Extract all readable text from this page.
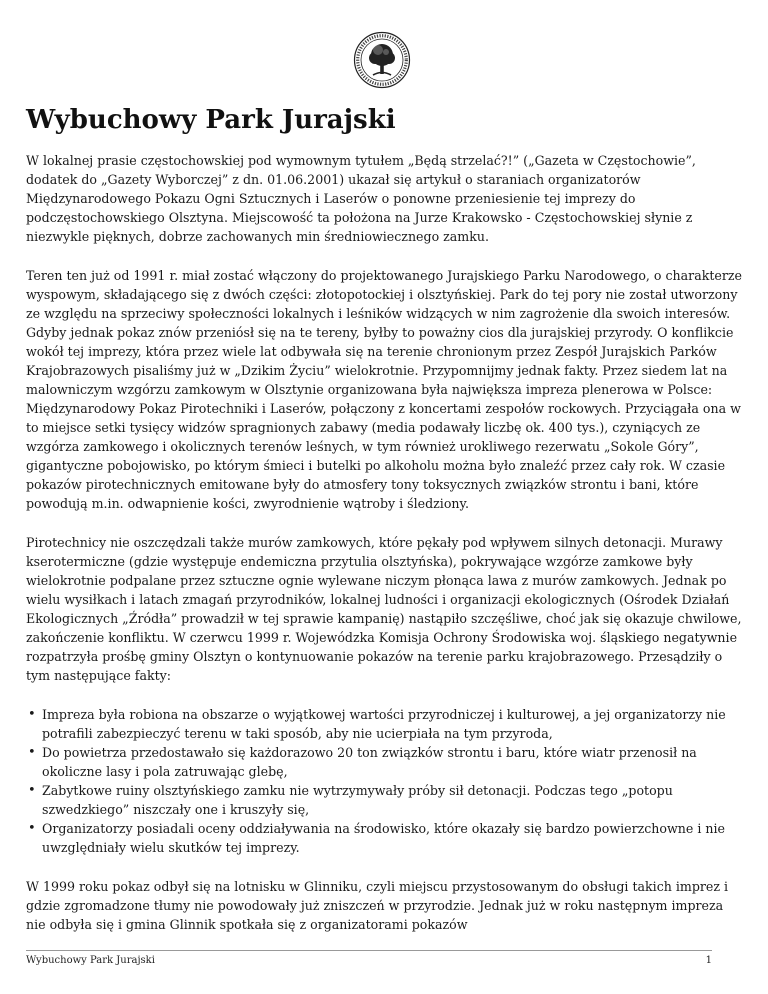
Wybuchowy Park Jurajski

W lokalnej prasie częstochowskiej pod wymownym tytułem „Będą strzelać?!” („Gazeta w Częstochowie”, dodatek do „Gazety Wyborczej” z dn. 01.06.2001) ukazał się artykuł o staraniach organizatorów Międzynarodowego Pokazu Ogni Sztucznych i Laserów o ponowne przeniesienie tej imprezy do podczęstochowskiego Olsztyna. Miejscowość ta położona na Jurze Krakowsko - Częstochowskiej słynie z niezwykle pięknych, dobrze zachowanych min średniowiecznego zamku.

Teren ten już od 1991 r. miał zostać włączony do projektowanego Jurajskiego Parku Narodowego, o charakterze wyspowym, składającego się z dwóch części: złotopotockiej i olsztyńskiej. Park do tej pory nie został utworzony ze względu na sprzeciwy społeczności lokalnych i leśników widzących w nim zagrożenie dla swoich interesów. Gdyby jednak pokaz znów przeniósł się na te tereny, byłby to poważny cios dla jurajskiej przyrody. O konflikcie wokół tej imprezy, która przez wiele lat odbywała się na terenie chronionym przez Zespół Jurajskich Parków Krajobrazowych pisaliśmy już w „Dzikim Życiu” wielokrotnie. Przypomnijmy jednak fakty. Przez siedem lat na malowniczym wzgórzu zamkowym w Olsztynie organizowana była największa impreza plenerowa w Polsce: Międzynarodowy Pokaz Pirotechniki i Laserów, połączony z koncertami zespołów rockowych. Przyciągała ona w to miejsce setki tysięcy widzów spragnionych zabawy (media podawały liczbę ok. 400 tys.), czyniących ze wzgórza zamkowego i okolicznych terenów leśnych, w tym również urokliwego rezerwatu „Sokole Góry”, gigantyczne pobojowisko, po którym śmieci i butelki po alkoholu można było znaleźć przez cały rok. W czasie pokazów pirotechnicznych emitowane były do atmosfery tony toksycznych związków strontu i bani, które powodują m.in. odwapnienie kości, zwyrodnienie wątroby i śledziony.

Pirotechnicy nie oszczędzali także murów zamkowych, które pękały pod wpływem silnych detonacji. Murawy kserotermiczne (gdzie występuje endemiczna przytulia olsztyńska), pokrywające wzgórze zamkowe były wielokrotnie podpalane przez sztuczne ognie wylewane niczym płonąca lawa z murów zamkowych. Jednak po wielu wysiłkach i latach zmagań przyrodników, lokalnej ludności i organizacji ekologicznych (Ośrodek Działań Ekologicznych „Źródła” prowadził w tej sprawie kampanię) nastąpiło szczęśliwe, choć jak się okazuje chwilowe, zakończenie konfliktu. W czerwcu 1999 r. Wojewódzka Komisja Ochrony Środowiska woj. śląskiego negatywnie rozpatrzyła prośbę gminy Olsztyn o kontynuowanie pokazów na terenie parku krajobrazowego. Przesądziły o tym następujące fakty:

• Impreza była robiona na obszarze o wyjątkowej wartości przyrodniczej i kulturowej, a jej organizatorzy nie potrafili zabezpieczyć terenu w taki sposób, aby nie ucierpiała na tym przyroda,
• Do powietrza przedostawało się każdorazowo 20 ton związków strontu i baru, które wiatr przenosił na okoliczne lasy i pola zatruwając glebę,
• Zabytkowe ruiny olsztyńskiego zamku nie wytrzymywały próby sił detonacji. Podczas tego „potopu szwedzkiego” niszczały one i kruszyły się,
• Organizatorzy posiadali oceny oddziaływania na środowisko, które okazały się bardzo powierzchowne i nie uwzględniały wielu skutków tej imprezy.

W 1999 roku pokaz odbył się na lotnisku w Glinniku, czyli miejscu przystosowanym do obsługi takich imprez i gdzie zgromadzone tłumy nie powodowały już zniszczeń w przyrodzie. Jednak już w roku następnym impreza nie odbyła się i gmina Glinnik spotkała się z organizatorami pokazów

Wybuchowy Park Jurajski	1
